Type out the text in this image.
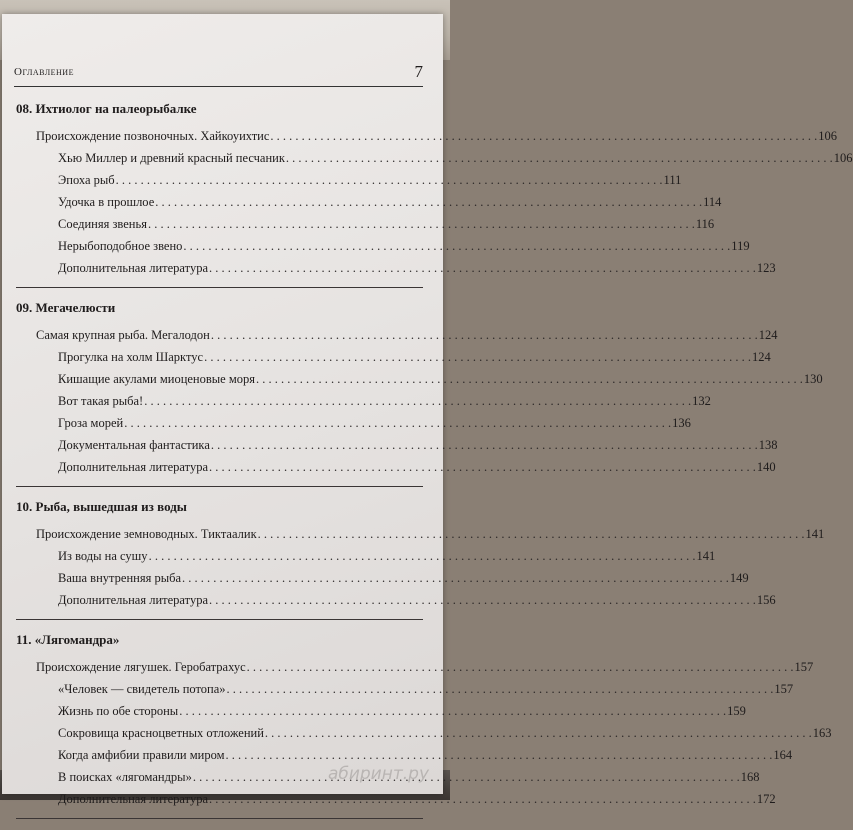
Оглавление	7
08. Ихтиолог на палеорыбалке
Происхождение позвоночных. Хайкоуихтис . . .	106
Хью Миллер и древний красный песчаник . . .	106
Эпоха рыб . . .	111
Удочка в прошлое . . .	114
Соединяя звенья . . .	116
Нерыбоподобное звено . . .	119
Дополнительная литература . . .	123
09. Мегачелюсти
Самая крупная рыба. Мегалодон . . .	124
Прогулка на холм Шарктус . . .	124
Кишащие акулами миоценовые моря . . .	130
Вот такая рыба! . . .	132
Гроза морей . . .	136
Документальная фантастика . . .	138
Дополнительная литература . . .	140
10. Рыба, вышедшая из воды
Происхождение земноводных. Тиктаалик . . .	141
Из воды на сушу . . .	141
Ваша внутренняя рыба . . .	149
Дополнительная литература . . .	156
11. «Лягомандра»
Происхождение лягушек. Геробатрахус . . .	157
«Человек — свидетель потопа» . . .	157
Жизнь по обе стороны . . .	159
Сокровища красноцветных отложений . . .	163
Когда амфибии правили миром . . .	164
В поисках «лягомандры» . . .	168
Дополнительная литература . . .	172
абиринт.ру
